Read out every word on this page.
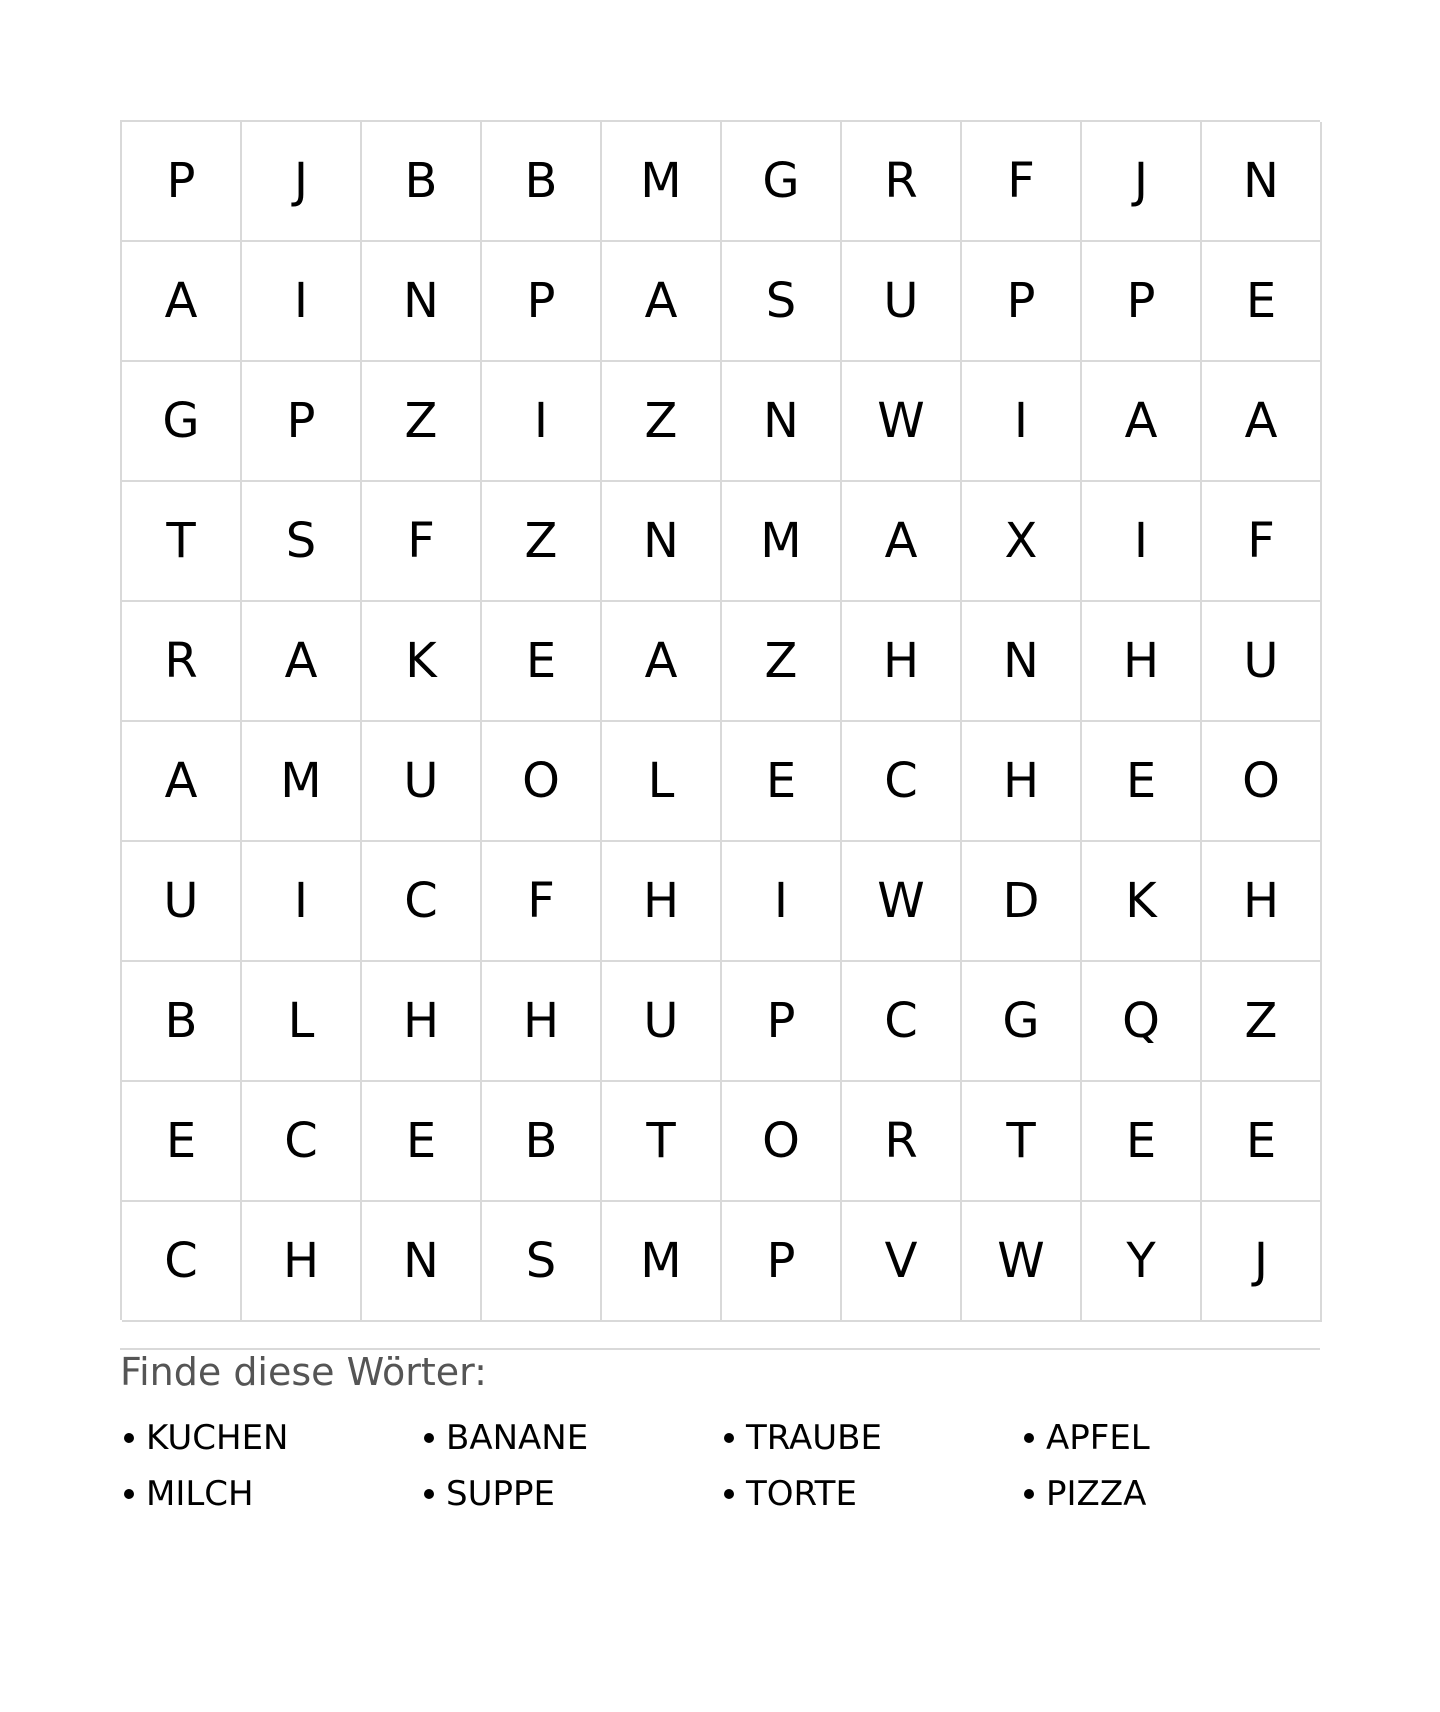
P	J	B	B	M	G	R	F	J	N
A	I	N	P	A	S	U	P	P	E
G	P	Z	I	Z	N	W	I	A	A
T	S	F	Z	N	M	A	X	I	F
R	A	K	E	A	Z	H	N	H	U
A	M	U	O	L	E	C	H	E	O
U	I	C	F	H	I	W	D	K	H
B	L	H	H	U	P	C	G	Q	Z
E	C	E	B	T	O	R	T	E	E
C	H	N	S	M	P	V	W	Y	J
Finde diese Wörter:
KUCHEN	BANANE	TRAUBE	APFEL
MILCH	SUPPE	TORTE	PIZZA
